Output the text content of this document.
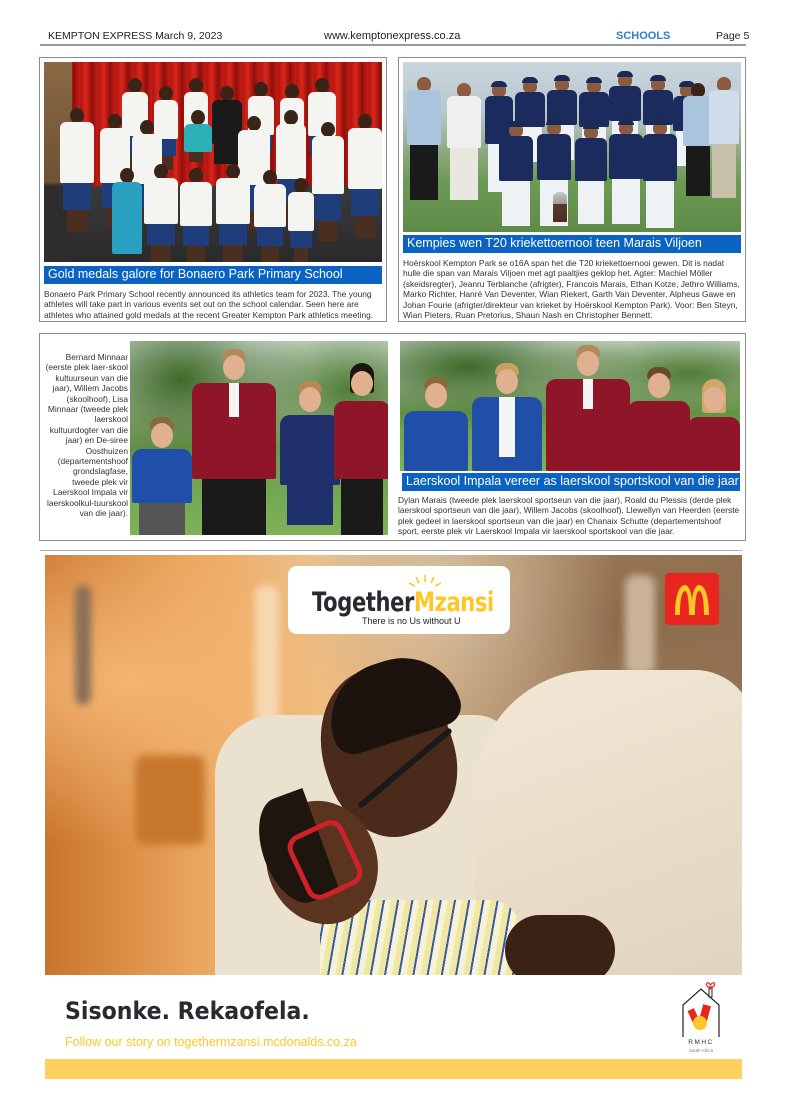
KEMPTON EXPRESS March 9, 2023	www.kemptonexpress.co.za	SCHOOLS	Page 5
Gold medals galore for Bonaero Park Primary School
Bonaero Park Primary School recently announced its athletics team for 2023. The young athletes will take part in various events set out on the school calendar. Seen here are athletes who attained gold medals at the recent Greater Kempton Park athletics meeting.
Kempies wen T20 kriekettoernooi teen Marais Viljoen
Hoërskool Kempton Park se o16A span het die T20 kriekettoernooi gewen. Dit is nadat hulle die span van Marais Viljoen met agt paaltjies geklop het. Agter: Machiel Möller (skeidsregter), Jeanru Terblanche (afrigter), Francois Marais, Ethan Kotze, Jethro Williams, Marko Richter, Hanré Van Deventer, Wian Riekert, Garth Van Deventer, Alpheus Gawe en Johan Fourie (afrigter/direkteur van krieket by Hoërskool Kempton Park). Voor: Ben Steyn, Wian Pieters, Ruan Pretorius, Shaun Nash en Christopher Bennett.
Bernard Minnaar (eerste plek laer-skool kultuurseun van die jaar), Willem Jacobs (skoolhoof), Lisa Minnaar (tweede plek laerskool kultuurdogter van die jaar) en De-siree Oosthuizen (departementshoof grondslagfase, tweede plek vir Laerskool Impala vir laerskoolkul-tuurskool van die jaar).
Laerskool Impala vereer as laerskool sportskool van die jaar
Dylan Marais (tweede plek laerskool sportseun van die jaar), Roald du Plessis (derde plek laerskool sportseun van die jaar), Willem Jacobs (skoolhoof), Llewellyn van Heerden (eerste plek gedeel in laerskool sportseun van die jaar) en Chanaix Schutte (departementshoof sport, eerste plek vir Laerskool Impala vir laerskool sportskool van die jaar.
TogetherMzansi
There is no Us without U
Sisonke. Rekaofela.
Follow our story on togethermzansi.mcdonalds.co.za	RMHC
South Africa
